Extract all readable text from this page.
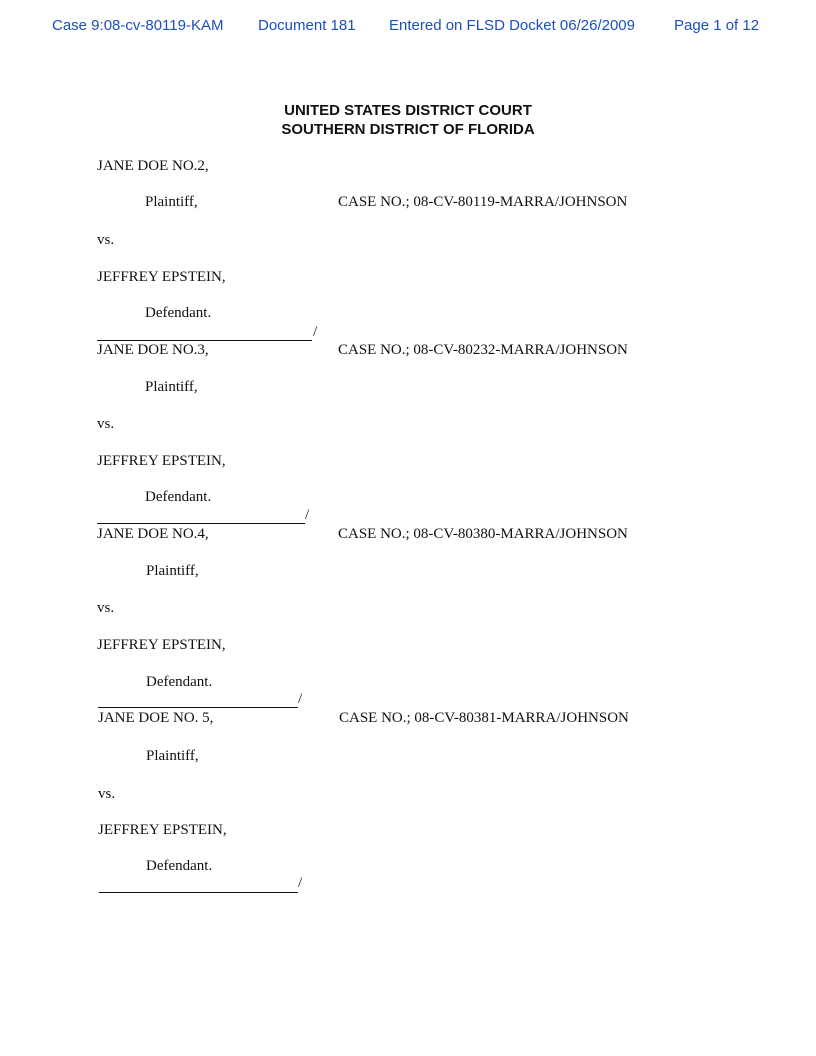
Case 9:08-cv-80119-KAM Document 181 Entered on FLSD Docket 06/26/2009	Page 1 of 12
UNITED STATES DISTRICT COURT
SOUTHERN DISTRICT OF FLORIDA
JANE DOE NO.2,
Plaintiff,	CASE NO.; 08-CV-80119-MARRA/JOHNSON
vs.
JEFFREY EPSTEIN,
Defendant.
/
JANE DOE NO.3,
Plaintiff,
CASE NO.; 08-CV-80232-MARRA/JOHNSON
vs.
JEFFREY EPSTEIN,
Defendant.
/
JANE DOE NO.4,
Plaintiff,
CASE NO.; 08-CV-80380-MARRA/JOHNSON
vs.
JEFFREY EPSTEIN,
Defendant.
/
JANE DOE NO. 5,
Plaintiff,
CASE NO.; 08-CV-80381-MARRA/JOHNSON
vs.
JEFFREY EPSTEIN,
Defendant.
/
